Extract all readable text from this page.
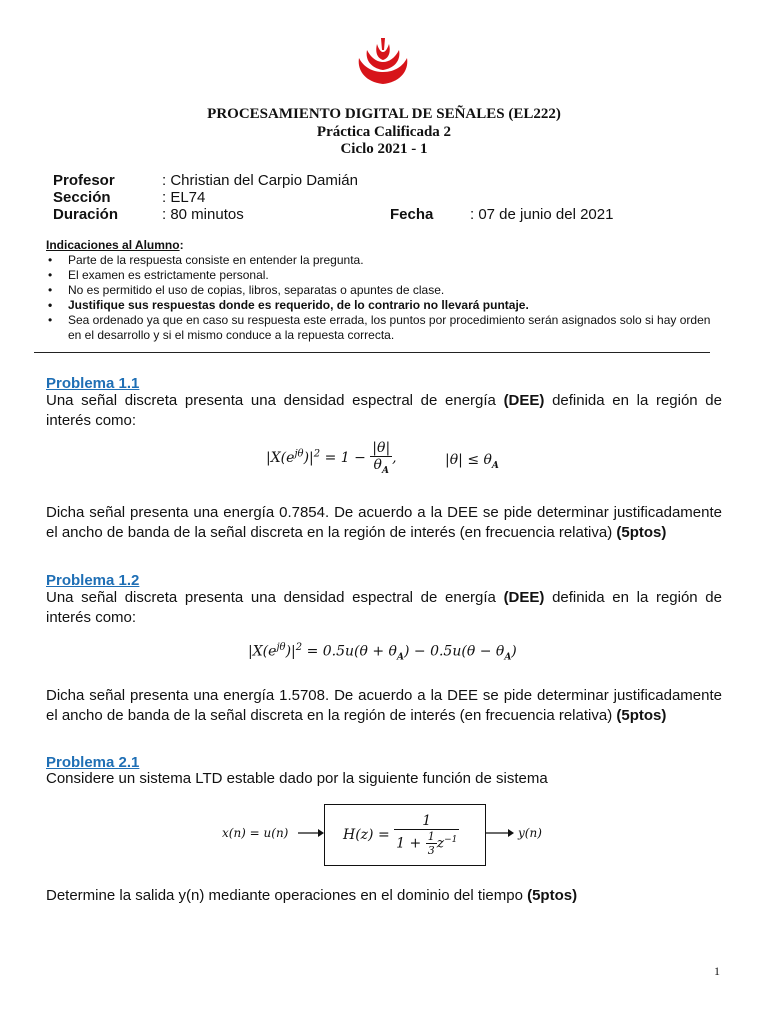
PROCESAMIENTO DIGITAL DE SEÑALES (EL222)
Práctica Calificada 2
Ciclo 2021 - 1
Profesor	: Christian del Carpio Damián
Sección	: EL74
Duración	: 80 minutos	Fecha : 07 de junio del 2021
Indicaciones al Alumno:
• Parte de la respuesta consiste en entender la pregunta.
• El examen es estrictamente personal.
• No es permitido el uso de copias, libros, separatas o apuntes de clase.
• Justifique sus respuestas donde es requerido, de lo contrario no llevará puntaje.
• Sea ordenado ya que en caso su respuesta este errada, los puntos por procedimiento serán asignados solo si hay orden en el desarrollo y si el mismo conduce a la repuesta correcta.
Problema 1.1
Una señal discreta presenta una densidad espectral de energía (DEE) definida en la región de interés como:
$|X(e^{j\theta})|^2 = 1 - \frac{|\theta|}{\theta_A}$ ,	$|\theta| \le \theta_A$
Dicha señal presenta una energía 0.7854. De acuerdo a la DEE se pide determinar justificadamente el ancho de banda de la señal discreta en la región de interés (en frecuencia relativa) (5ptos)
Problema 1.2
Una señal discreta presenta una densidad espectral de energía (DEE) definida en la región de interés como:
$|X(e^{j\theta})|^2 = 0.5u(\theta + \theta_A) - 0.5u(\theta - \theta_A)$
Dicha señal presenta una energía 1.5708. De acuerdo a la DEE se pide determinar justificadamente el ancho de banda de la señal discreta en la región de interés (en frecuencia relativa) (5ptos)
Problema 2.1
Considere un sistema LTD estable dado por la siguiente función de sistema
x(n) = u(n)	$H(z) = \frac{1}{1 + \frac{1}{3} z^{-1}}$	y(n)
Determine la salida y(n) mediante operaciones en el dominio del tiempo (5ptos)
1
